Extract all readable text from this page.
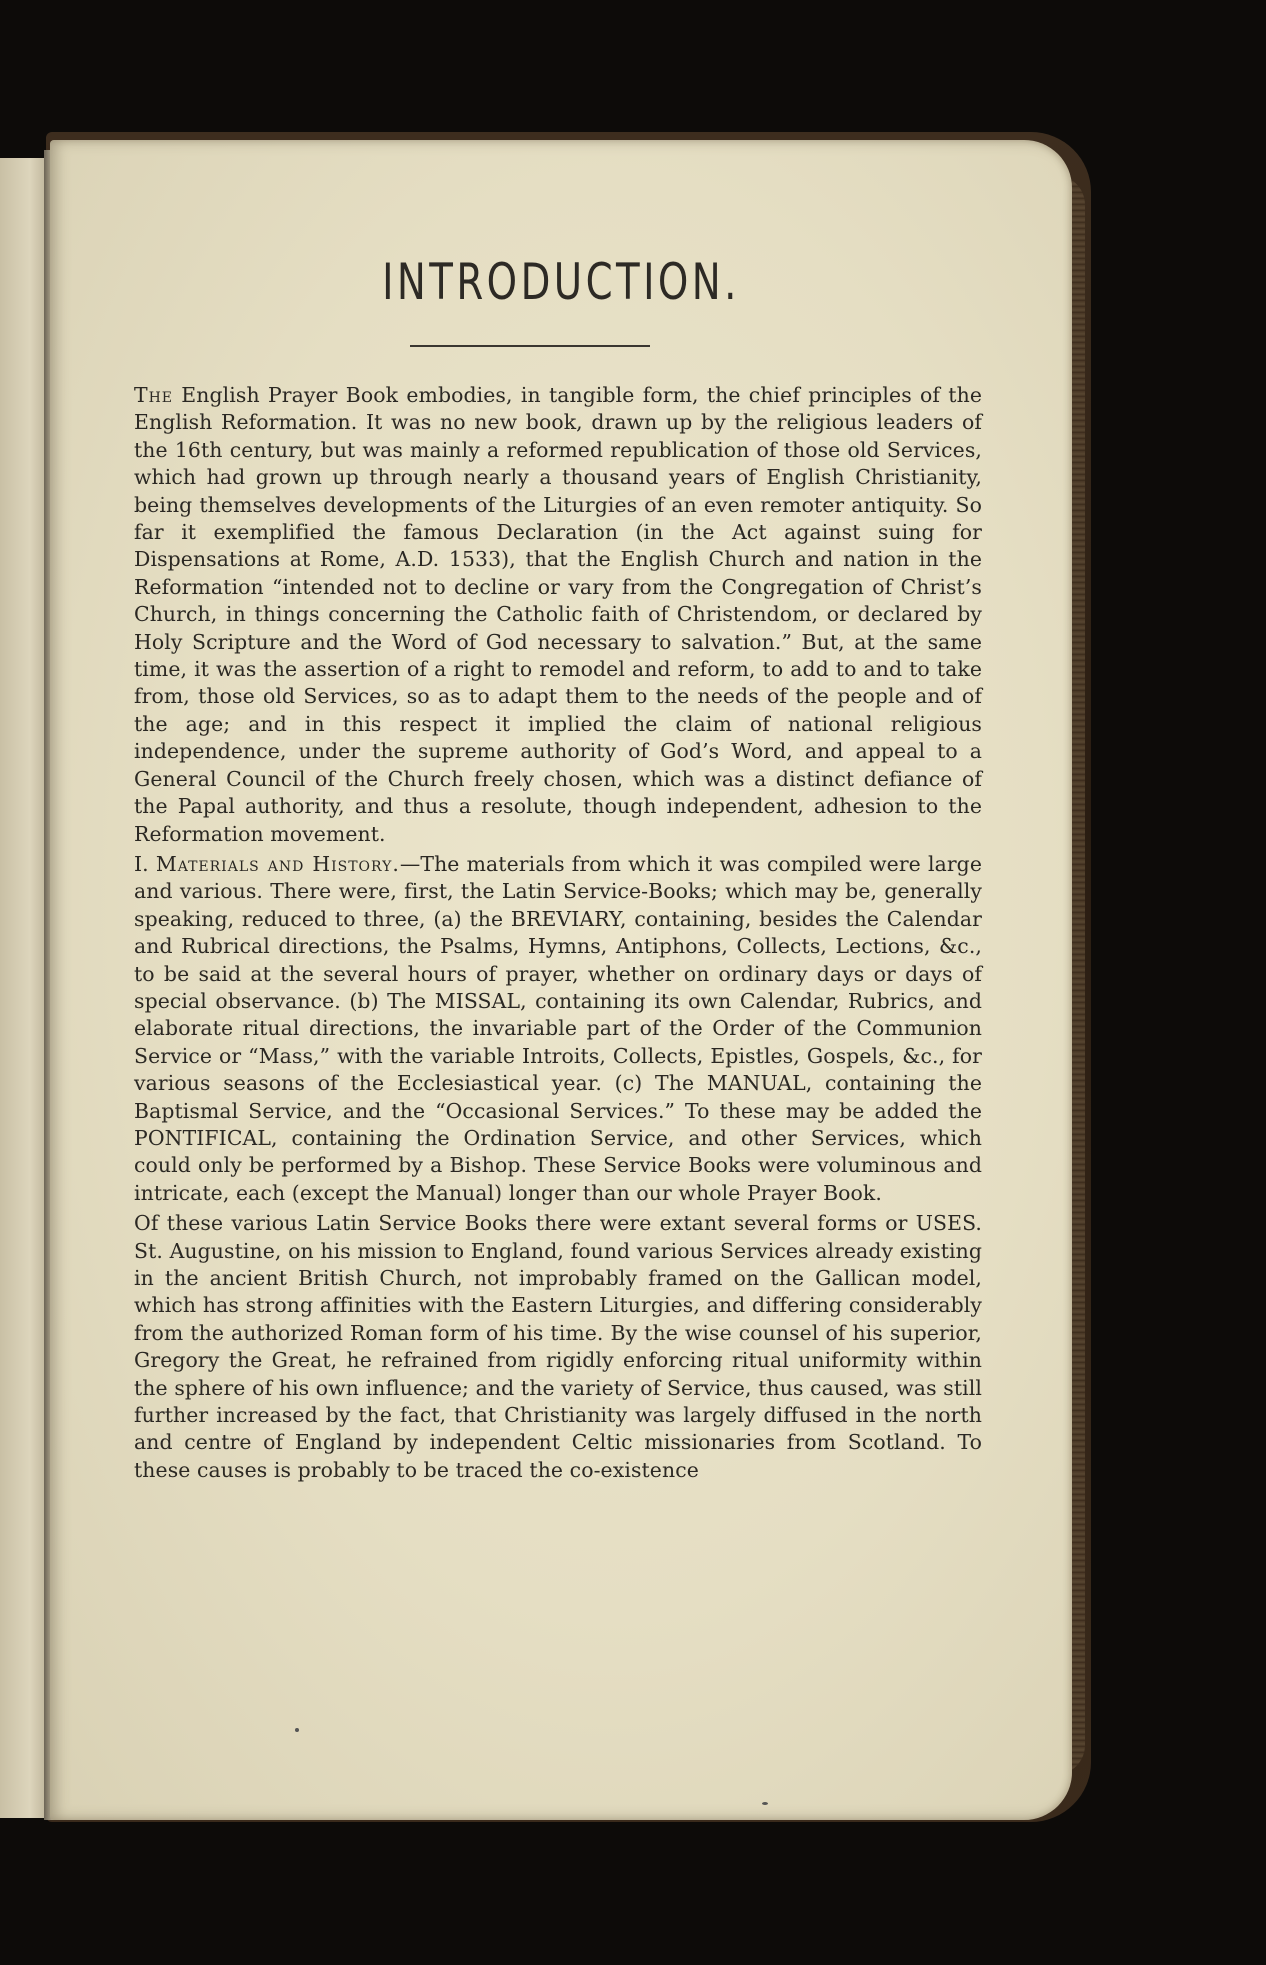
INTRODUCTION.

The English Prayer Book embodies, in tangible form, the chief principles of the English Reformation. It was no new book, drawn up by the religious leaders of the 16th century, but was mainly a reformed republication of those old Services, which had grown up through nearly a thousand years of English Christianity, being themselves developments of the Liturgies of an even remoter antiquity. So far it exemplified the famous Declaration (in the Act against suing for Dispensations at Rome, A.D. 1533), that the English Church and nation in the Reformation “intended not to decline or vary from the Congregation of Christ’s Church, in things concerning the Catholic faith of Christendom, or declared by Holy Scripture and the Word of God necessary to salvation.” But, at the same time, it was the assertion of a right to remodel and reform, to add to and to take from, those old Services, so as to adapt them to the needs of the people and of the age; and in this respect it implied the claim of national religious independence, under the supreme authority of God’s Word, and appeal to a General Council of the Church freely chosen, which was a distinct defiance of the Papal authority, and thus a resolute, though independent, adhesion to the Reformation movement.

I. Materials and History.—The materials from which it was compiled were large and various. There were, first, the Latin Service-Books; which may be, generally speaking, reduced to three, (a) the BREVIARY, containing, besides the Calendar and Rubrical directions, the Psalms, Hymns, Antiphons, Collects, Lections, &c., to be said at the several hours of prayer, whether on ordinary days or days of special observance. (b) The MISSAL, containing its own Calendar, Rubrics, and elaborate ritual directions, the invariable part of the Order of the Communion Service or “Mass,” with the variable Introits, Collects, Epistles, Gospels, &c., for various seasons of the Ecclesiastical year. (c) The MANUAL, containing the Baptismal Service, and the “Occasional Services.” To these may be added the PONTIFICAL, containing the Ordination Service, and other Services, which could only be performed by a Bishop. These Service Books were voluminous and intricate, each (except the Manual) longer than our whole Prayer Book.

Of these various Latin Service Books there were extant several forms or USES. St. Augustine, on his mission to England, found various Services already existing in the ancient British Church, not improbably framed on the Gallican model, which has strong affinities with the Eastern Liturgies, and differing considerably from the authorized Roman form of his time. By the wise counsel of his superior, Gregory the Great, he refrained from rigidly enforcing ritual uniformity within the sphere of his own influence; and the variety of Service, thus caused, was still further increased by the fact, that Christianity was largely diffused in the north and centre of England by independent Celtic missionaries from Scotland. To these causes is probably to be traced the co-existence
